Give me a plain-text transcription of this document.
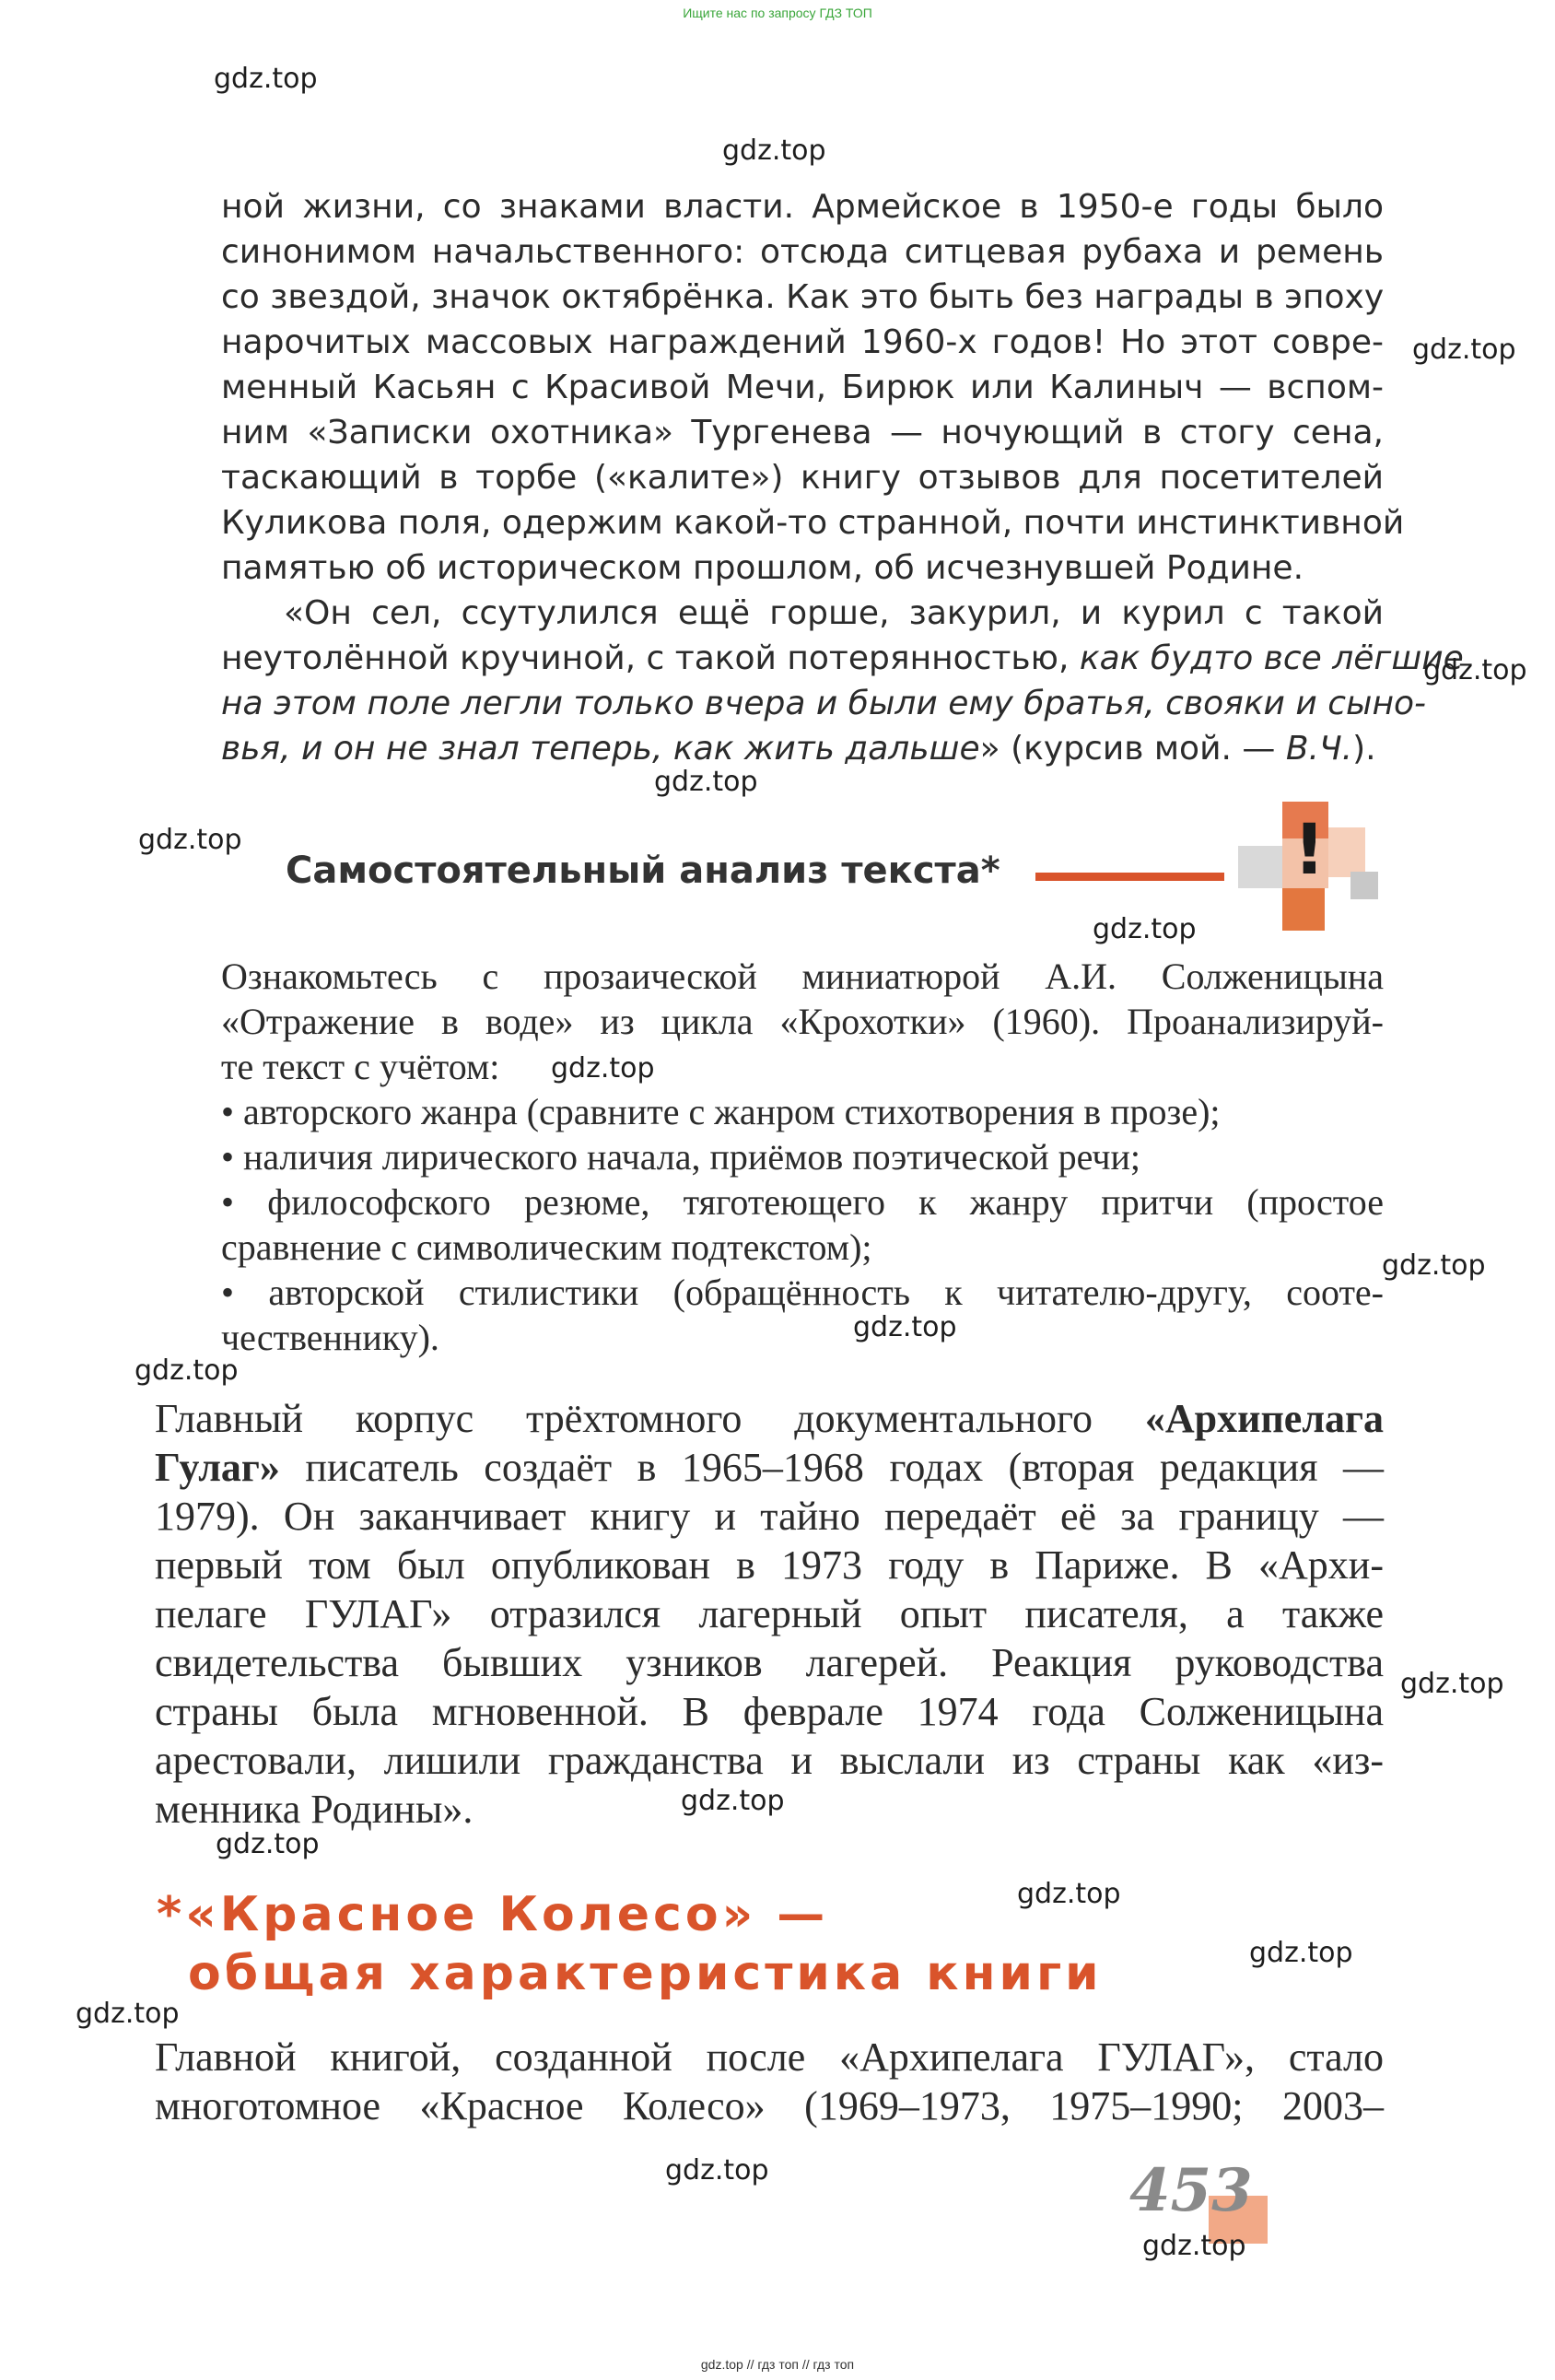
Ищите нас по запросу ГДЗ ТОП
ной жизни, со знаками власти. Армейское в 1950-е годы было
синонимом начальственного: отсюда ситцевая рубаха и ремень
со звездой, значок октябрёнка. Как это быть без награды в эпоху
нарочитых массовых награждений 1960-х годов! Но этот совре-
менный Касьян с Красивой Мечи, Бирюк или Калиныч — вспом-
ним «Записки охотника» Тургенева — ночующий в стогу сена,
таскающий в торбе («калите») книгу отзывов для посетителей
Куликова поля, одержим какой-то странной, почти инстинктивной
памятью об историческом прошлом, об исчезнувшей Родине.
«Он сел, ссутулился ещё горше, закурил, и курил с такой
неутолённой кручиной, с такой потерянностью, как будто все лёгшие
на этом поле легли только вчера и были ему братья, свояки и сыно-
вья, и он не знал теперь, как жить дальше» (курсив мой. — В.Ч.).
Самостоятельный анализ текста*	!
Ознакомьтесь с прозаической миниатюрой А.И. Солженицына
«Отражение в воде» из цикла «Крохотки» (1960). Проанализируй-
те текст с учётом:
• авторского жанра (сравните с жанром стихотворения в прозе);
• наличия лирического начала, приёмов поэтической речи;
• философского резюме, тяготеющего к жанру притчи (простое
сравнение с символическим подтекстом);
• авторской стилистики (обращённость к читателю-другу, сооте-
чественнику).
Главный корпус трёхтомного документального «Архипелага
Гулаг» писатель создаёт в 1965–1968 годах (вторая редакция —
1979). Он заканчивает книгу и тайно передаёт её за границу —
первый том был опубликован в 1973 году в Париже. В «Архи-
пелаге ГУЛАГ» отразился лагерный опыт писателя, а также
свидетельства бывших узников лагерей. Реакция руководства
страны была мгновенной. В феврале 1974 года Солженицына
арестовали, лишили гражданства и выслали из страны как «из-
менника Родины».
*«Красное Колесо» —
общая характеристика книги
Главной книгой, созданной после «Архипелага ГУЛАГ», стало
многотомное «Красное Колесо» (1969–1973, 1975–1990; 2003–
453
gdz.top
gdz.top
gdz.top
gdz.top
gdz.top
gdz.top
gdz.top
gdz.top
gdz.top
gdz.top
gdz.top
gdz.top
gdz.top
gdz.top
gdz.top
gdz.top
gdz.top
gdz.top
gdz.top
gdz.top // гдз топ // гдз топ
